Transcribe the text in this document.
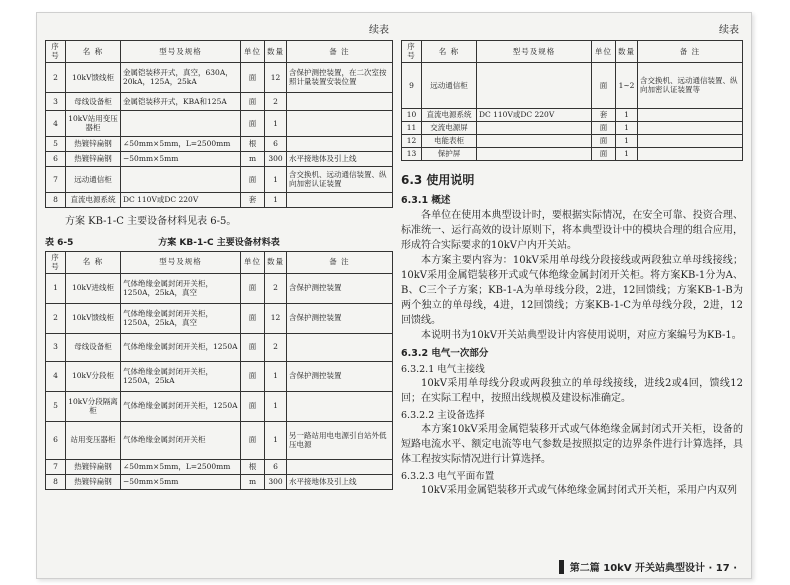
续表
序号	名 称	型号及规格	单位	数量	备 注
2	10kV馈线柜	金属铠装移开式，真空，630A，20kA，125A，25kA	面	12	含保护测控装置，在二次室按照计量装置安装位置
3	母线设备柜	金属铠装移开式，KBA和125A	面	2	
4	10kV站用变压器柜		面	1	
5	热镀锌扁钢	∠50mm×5mm，L=2500mm	根	6	
6	热镀锌扁钢	−50mm×5mm	m	300	水平接地体及引上线
7	远动通信柜		面	1	含交换机、远动通信装置、纵向加密认证装置
8	直流电源系统	DC 110V或DC 220V	套	1	

方案 KB-1-C 主要设备材料见表 6-5。

表 6-5	方案 KB-1-C 主要设备材料表
序号	名 称	型号及规格	单位	数量	备 注
1	10kV进线柜	气体绝缘金属封闭开关柜，1250A，25kA，真空	面	2	含保护测控装置
2	10kV馈线柜	气体绝缘金属封闭开关柜，1250A，25kA，真空	面	12	含保护测控装置
3	母线设备柜	气体绝缘金属封闭开关柜，1250A	面	2	
4	10kV分段柜	气体绝缘金属封闭开关柜，1250A，25kA	面	1	含保护测控装置
5	10kV分段隔离柜	气体绝缘金属封闭开关柜，1250A	面	1	
6	站用变压器柜	气体绝缘金属封闭开关柜	面	1	另一路站用电电源引自站外低压电源
7	热镀锌扁钢	∠50mm×5mm，L=2500mm	根	6	
8	热镀锌扁钢	−50mm×5mm	m	300	水平接地体及引上线
续表
序号	名 称	型号及规格	单位	数量	备 注
9	远动通信柜		面	1~2	含交换机、远动通信装置、纵向加密认证装置等
10	直流电源系统	DC 110V或DC 220V	套	1	
11	交流电源屏		面	1	
12	电能表柜		面	1	
13	保护屏		面	1	
6.3 使用说明
6.3.1 概述

各单位在使用本典型设计时，要根据实际情况，在安全可靠、投资合理、标准统一、运行高效的设计原则下，将本典型设计中的模块合理的组合应用，形成符合实际要求的10kV户内开关站。

本方案主要内容为：10kV采用单母线分段接线或两段独立单母线接线；10kV采用金属铠装移开式或气体绝缘金属封闭开关柜。将方案KB-1分为A、B、C三个子方案；KB-1-A为单母线分段，2进，12回馈线；方案KB-1-B为两个独立的单母线，4进，12回馈线；方案KB-1-C为单母线分段，2进，12回馈线。

本说明书为10kV开关站典型设计内容使用说明，对应方案编号为KB-1。

6.3.2 电气一次部分
6.3.2.1 电气主接线

10kV采用单母线分段或两段独立的单母线接线，进线2或4回，馈线12回；在实际工程中，按照出线规模及建设标准确定。

6.3.2.2 主设备选择

本方案10kV采用金属铠装移开式或气体绝缘金属封闭式开关柜，设备的短路电流水平、额定电流等电气参数是按照拟定的边界条件进行计算选择，具体工程按实际情况进行计算选择。

6.3.2.3 电气平面布置

10kV采用金属铠装移开式或气体绝缘金属封闭式开关柜，采用户内双列

第二篇 10kV 开关站典型设计 · 17 ·
